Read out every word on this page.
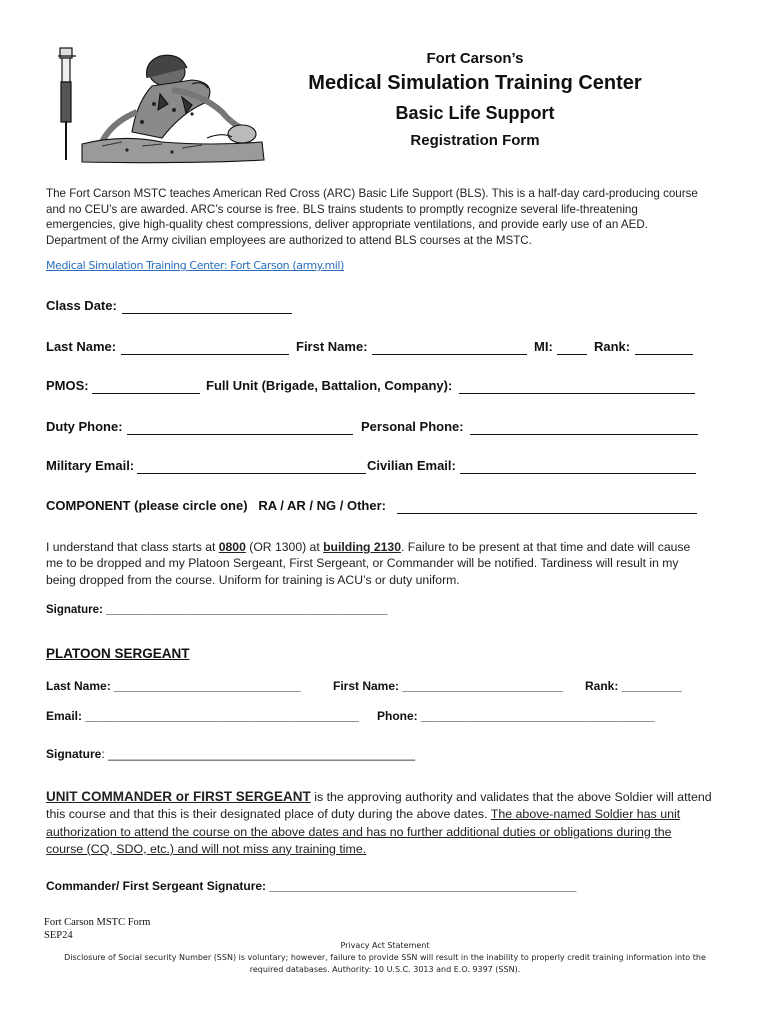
Fort Carson’s
Medical Simulation Training Center
Basic Life Support
Registration Form
The Fort Carson MSTC teaches American Red Cross (ARC) Basic Life Support (BLS). This is a half-day card-producing course
and no CEU’s are awarded. ARC’s course is free. BLS trains students to promptly recognize several life-threatening
emergencies, give high-quality chest compressions, deliver appropriate ventilations, and provide early use of an AED.
Department of the Army civilian employees are authorized to attend BLS courses at the MSTC.
Medical Simulation Training Center: Fort Carson (army.mil)
Class Date:
Last Name:	First Name:	MI:	Rank:
PMOS:	Full Unit (Brigade, Battalion, Company):
Duty Phone:	Personal Phone:
Military Email:	Civilian Email:
COMPONENT (please circle one)   RA / AR / NG / Other:
I understand that class starts at 0800 (OR 1300) at building 2130. Failure to be present at that time and date will cause
me to be dropped and my Platoon Sergeant, First Sergeant, or Commander will be notified. Tardiness will result in my
being dropped from the course. Uniform for training is ACU’s or duty uniform.
Signature: ____________________________________________
PLATOON SERGEANT
Last Name: ____________________________	First Name: ________________________ Rank: _________
Email: _________________________________________ Phone: ___________________________________
Signature: ______________________________________________
UNIT COMMANDER or FIRST SERGEANT is the approving authority and validates that the above Soldier will attend
this course and that this is their designated place of duty during the above dates. The above-named Soldier has unit
authorization to attend the course on the above dates and has no further additional duties or obligations during the
course (CQ, SDO, etc.) and will not miss any training time.
Commander/ First Sergeant Signature: ______________________________________________
Fort Carson MSTC Form
SEP24
Privacy Act Statement
Disclosure of Social security Number (SSN) is voluntary; however, failure to provide SSN will result in the inability to properly credit training information into the
required databases. Authority: 10 U.S.C. 3013 and E.O. 9397 (SSN).
